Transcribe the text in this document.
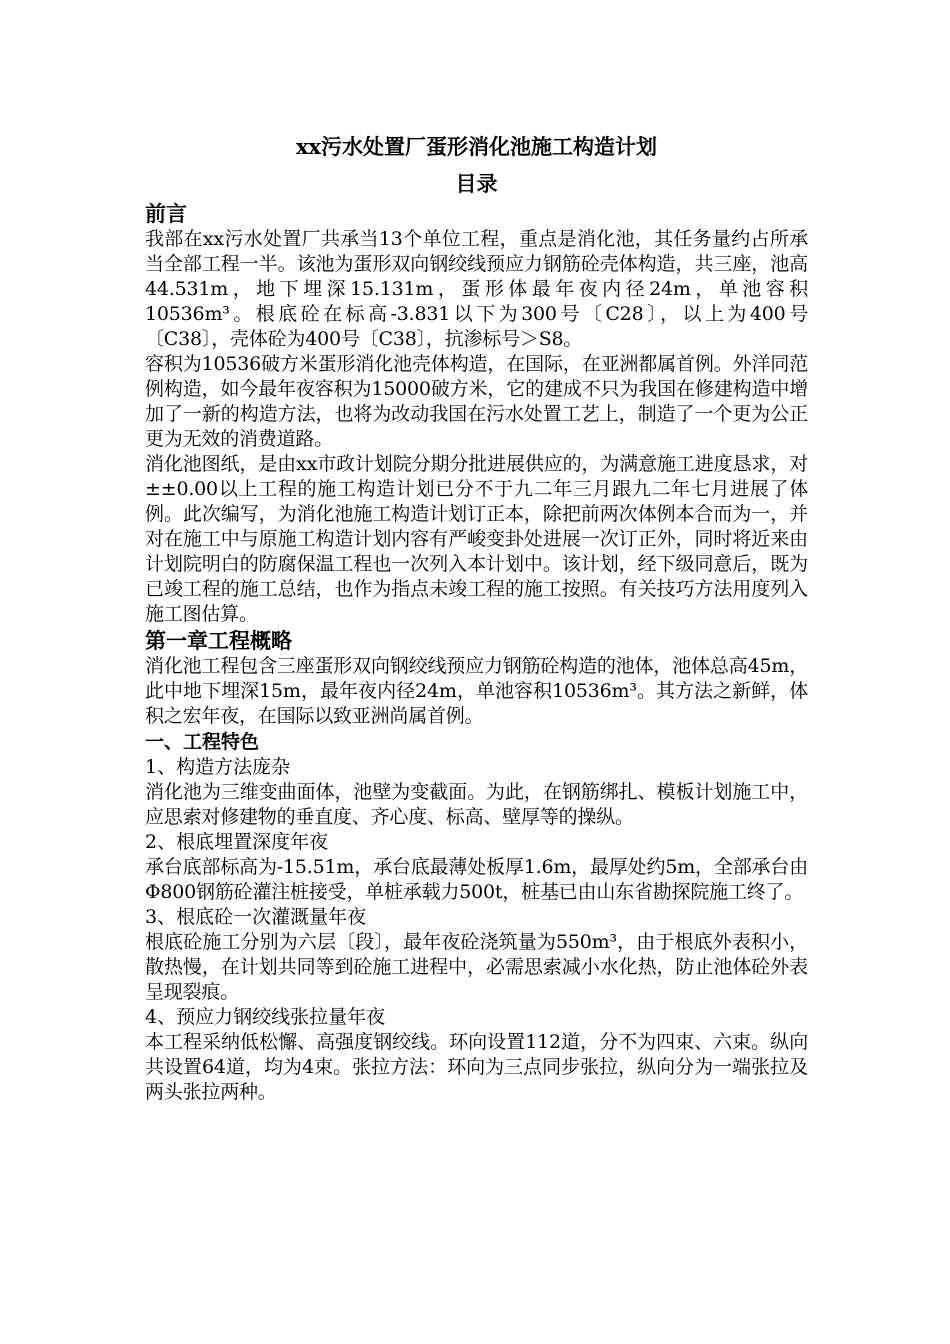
xx污水处置厂蛋形消化池施工构造计划
目录
前言

我部在xx污水处置厂共承当13个单位工程，重点是消化池，其任务量约占所承当全部工程一半。该池为蛋形双向钢绞线预应力钢筋砼壳体构造，共三座，池高44.531m，地下埋深15.131m，蛋形体最年夜内径24m，单池容积10536m³。根底砼在标高-3.831以下为300号〔C28〕，以上为400号〔C38〕，壳体砼为400号〔C38〕，抗渗标号＞S8。

容积为10536破方米蛋形消化池壳体构造，在国际，在亚洲都属首例。外洋同范例构造，如今最年夜容积为15000破方米，它的建成不只为我国在修建构造中增加了一新的构造方法，也将为改动我国在污水处置工艺上，制造了一个更为公正更为无效的消费道路。

消化池图纸，是由xx市政计划院分期分批进展供应的，为满意施工进度恳求，对±±0.00以上工程的施工构造计划已分不于九二年三月跟九二年七月进展了体例。此次编写，为消化池施工构造计划订正本，除把前两次体例本合而为一，并对在施工中与原施工构造计划内容有严峻变卦处进展一次订正外，同时将近来由计划院明白的防腐保温工程也一次列入本计划中。该计划，经下级同意后，既为已竣工程的施工总结，也作为指点未竣工程的施工按照。有关技巧方法用度列入施工图估算。

第一章工程概略

消化池工程包含三座蛋形双向钢绞线预应力钢筋砼构造的池体，池体总高45m，此中地下埋深15m，最年夜内径24m，单池容积10536m³。其方法之新鲜，体积之宏年夜，在国际以致亚洲尚属首例。

一、工程特色
1、构造方法庞杂

消化池为三维变曲面体，池壁为变截面。为此，在钢筋绑扎、模板计划施工中，应思索对修建物的垂直度、齐心度、标高、壁厚等的操纵。

2、根底埋置深度年夜

承台底部标高为-15.51m，承台底最薄处板厚1.6m，最厚处约5m，全部承台由Φ800钢筋砼灌注桩接受，单桩承载力500t，桩基已由山东省勘探院施工终了。

3、根底砼一次灌溉量年夜

根底砼施工分别为六层〔段〕，最年夜砼浇筑量为550m³，由于根底外表积小，散热慢，在计划共同等到砼施工进程中，必需思索减小水化热，防止池体砼外表呈现裂痕。

4、预应力钢绞线张拉量年夜

本工程采纳低松懈、高强度钢绞线。环向设置112道，分不为四束、六束。纵向共设置64道，均为4束。张拉方法：环向为三点同步张拉，纵向分为一端张拉及两头张拉两种。
